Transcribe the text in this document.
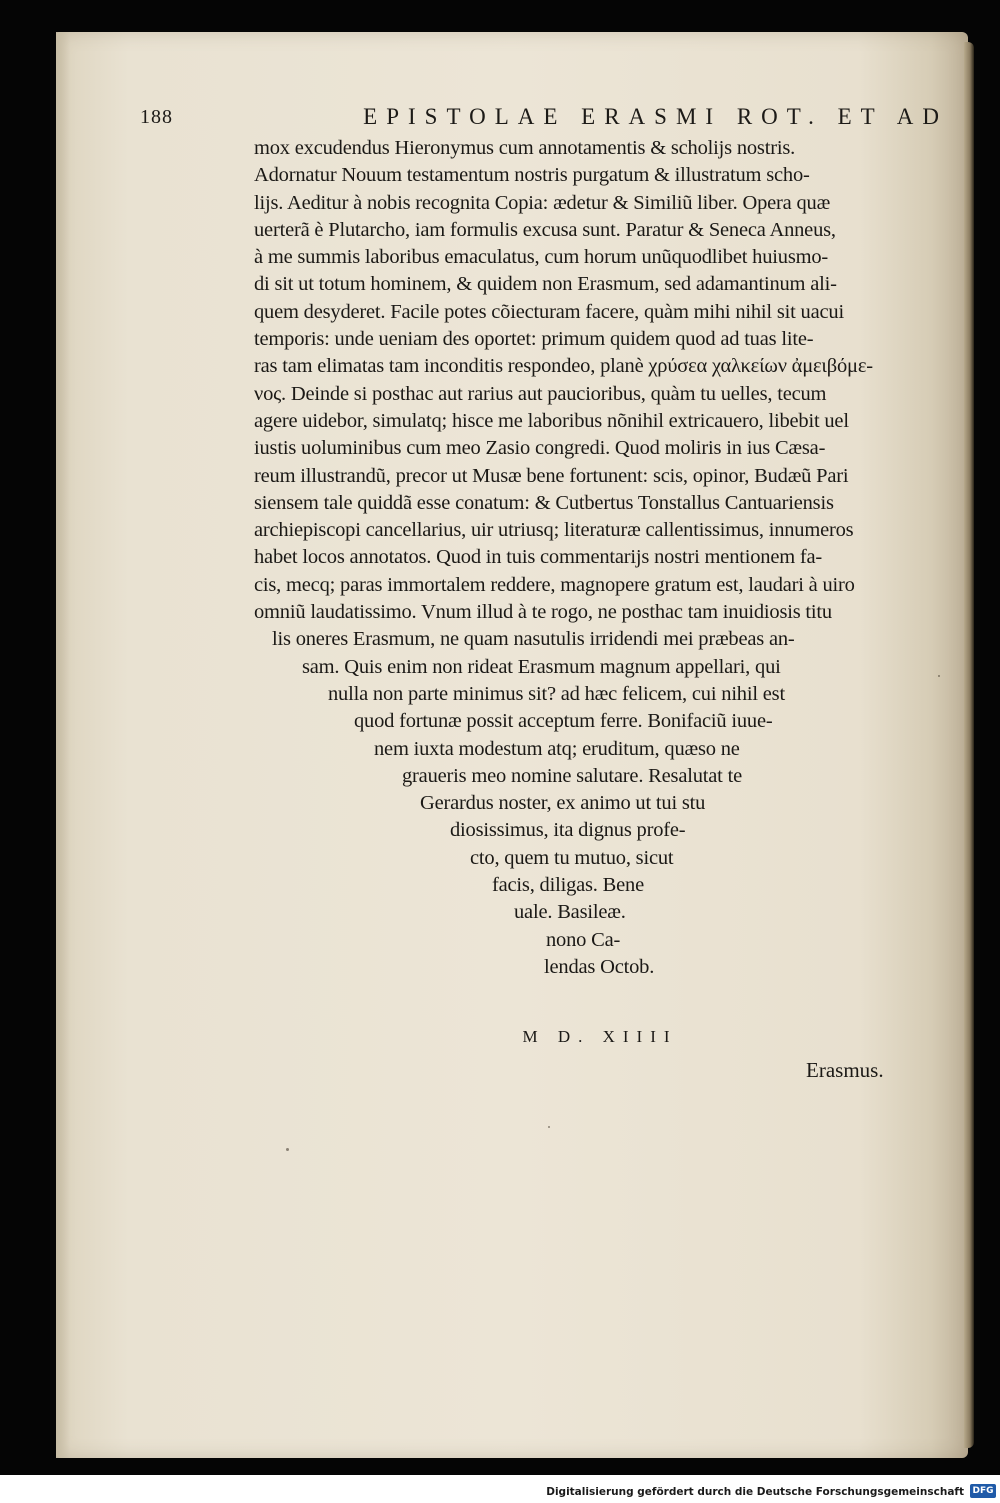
188	EPISTOLAE ERASMI ROT. ET AD
mox excudendus Hieronymus cum annotamentis & scholijs nostris.
Adornatur Nouum testamentum nostris purgatum & illustratum scho-
lijs. Aeditur à nobis recognita Copia: ædetur & Similiũ liber. Opera quæ
uerterã è Plutarcho, iam formulis excusa sunt. Paratur & Seneca Anneus,
à me summis laboribus emaculatus, cum horum unũquodlibet huiusmo-
di sit ut totum hominem, & quidem non Erasmum, sed adamantinum ali-
quem desyderet. Facile potes cõiecturam facere, quàm mihi nihil sit uacui
temporis: unde ueniam des oportet: primum quidem quod ad tuas lite-
ras tam elimatas tam inconditis respondeo, planè χρύσεα χαλκείων ἀμειβόμε-
νος. Deinde si posthac aut rarius aut paucioribus, quàm tu uelles, tecum
agere uidebor, simulatq; hisce me laboribus nõnihil extricauero, libebit uel
iustis uoluminibus cum meo Zasio congredi. Quod moliris in ius Cæsa-
reum illustrandũ, precor ut Musæ bene fortunent: scis, opinor, Budæũ Pari
siensem tale quiddã esse conatum: & Cutbertus Tonstallus Cantuariensis
archiepiscopi cancellarius, uir utriusq; literaturæ callentissimus, innumeros
habet locos annotatos. Quod in tuis commentarijs nostri mentionem fa-
cis, mecq; paras immortalem reddere, magnopere gratum est, laudari à uiro
omniũ laudatissimo. Vnum illud à te rogo, ne posthac tam inuidiosis titu
lis oneres Erasmum, ne quam nasutulis irridendi mei præbeas an-
sam. Quis enim non rideat Erasmum magnum appellari, qui
nulla non parte minimus sit? ad hæc felicem, cui nihil est
quod fortunæ possit acceptum ferre. Bonifaciũ iuue-
nem iuxta modestum atq; eruditum, quæso ne
graueris meo nomine salutare. Resalutat te
Gerardus noster, ex animo ut tui stu
diosissimus, ita dignus profe-
cto, quem tu mutuo, sicut
facis, diligas. Bene
uale. Basileæ.
nono Ca-
lendas Octob.
M D. XIIII
Erasmus.
Digitalisierung gefördert durch die Deutsche Forschungsgemeinschaft DFG
